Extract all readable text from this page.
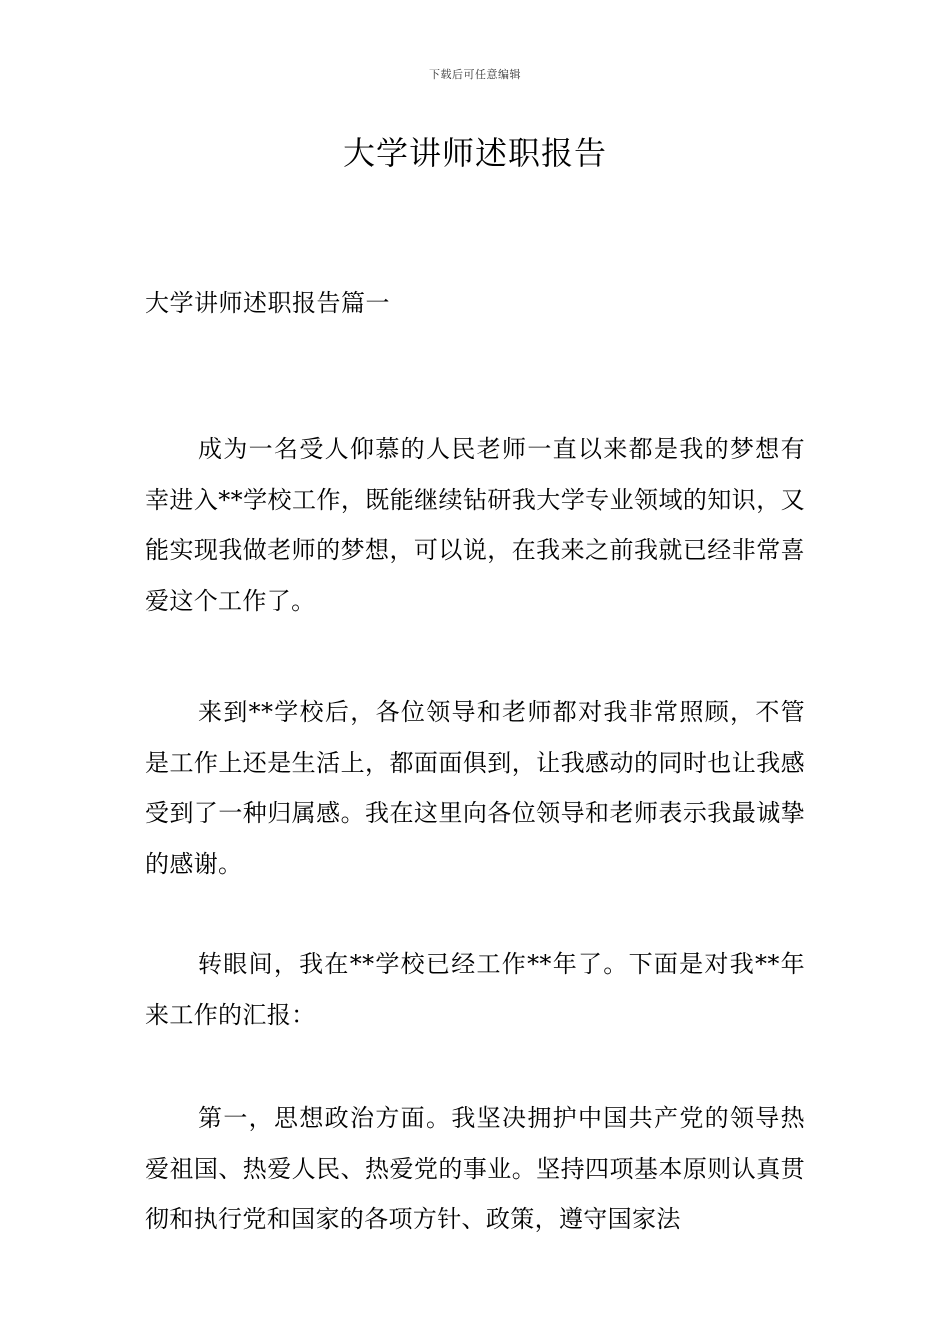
下载后可任意编辑
大学讲师述职报告
大学讲师述职报告篇一

成为一名受人仰慕的人民老师一直以来都是我的梦想有幸进入**学校工作，既能继续钻研我大学专业领域的知识，又能实现我做老师的梦想，可以说，在我来之前我就已经非常喜爱这个工作了。

来到**学校后，各位领导和老师都对我非常照顾，不管是工作上还是生活上，都面面俱到，让我感动的同时也让我感受到了一种归属感。我在这里向各位领导和老师表示我最诚挚的感谢。

转眼间，我在**学校已经工作**年了。下面是对我**年来工作的汇报：

第一，思想政治方面。我坚决拥护中国共产党的领导热爱祖国、热爱人民、热爱党的事业。坚持四项基本原则认真贯彻和执行党和国家的各项方针、政策，遵守国家法
